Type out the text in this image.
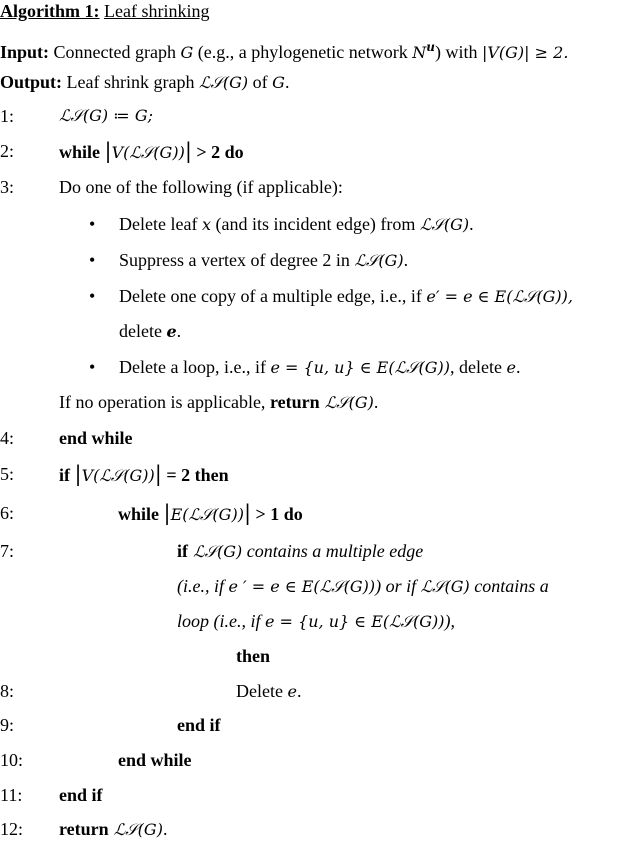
Algorithm 1: Leaf shrinking
Input: Connected graph G (e.g., a phylogenetic network $N^u$) with |V(G)| ≥ 2.
Output: Leaf shrink graph ℒ𝒮(G) of G.
1:	ℒ𝒮(G) ≔ G;
2: while |V(ℒ𝒮(G))| > 2 do
3: Do one of the following (if applicable):
• Delete leaf x (and its incident edge) from ℒ𝒮(G).
• Suppress a vertex of degree 2 in ℒ𝒮(G).
• Delete one copy of a multiple edge, i.e., if e′ = e ∈ E(ℒ𝒮(G)),
delete e.
• Delete a loop, i.e., if e = {u, u} ∈ E(ℒ𝒮(G)), delete e.
If no operation is applicable, return ℒ𝒮(G).
4: end while
5: if |V(ℒ𝒮(G))| = 2 then
6:	while |E(ℒ𝒮(G))| > 1 do
7:	if ℒ𝒮(G) contains a multiple edge
(i.e., if e ′ = e ∈ E(ℒ𝒮(G))) or if ℒ𝒮(G) contains a
loop (i.e., if e = {u, u} ∈ E(ℒ𝒮(G))),
then
8:	Delete e.
9:	end if
10:	end while
11: end if
12: return ℒ𝒮(G).
